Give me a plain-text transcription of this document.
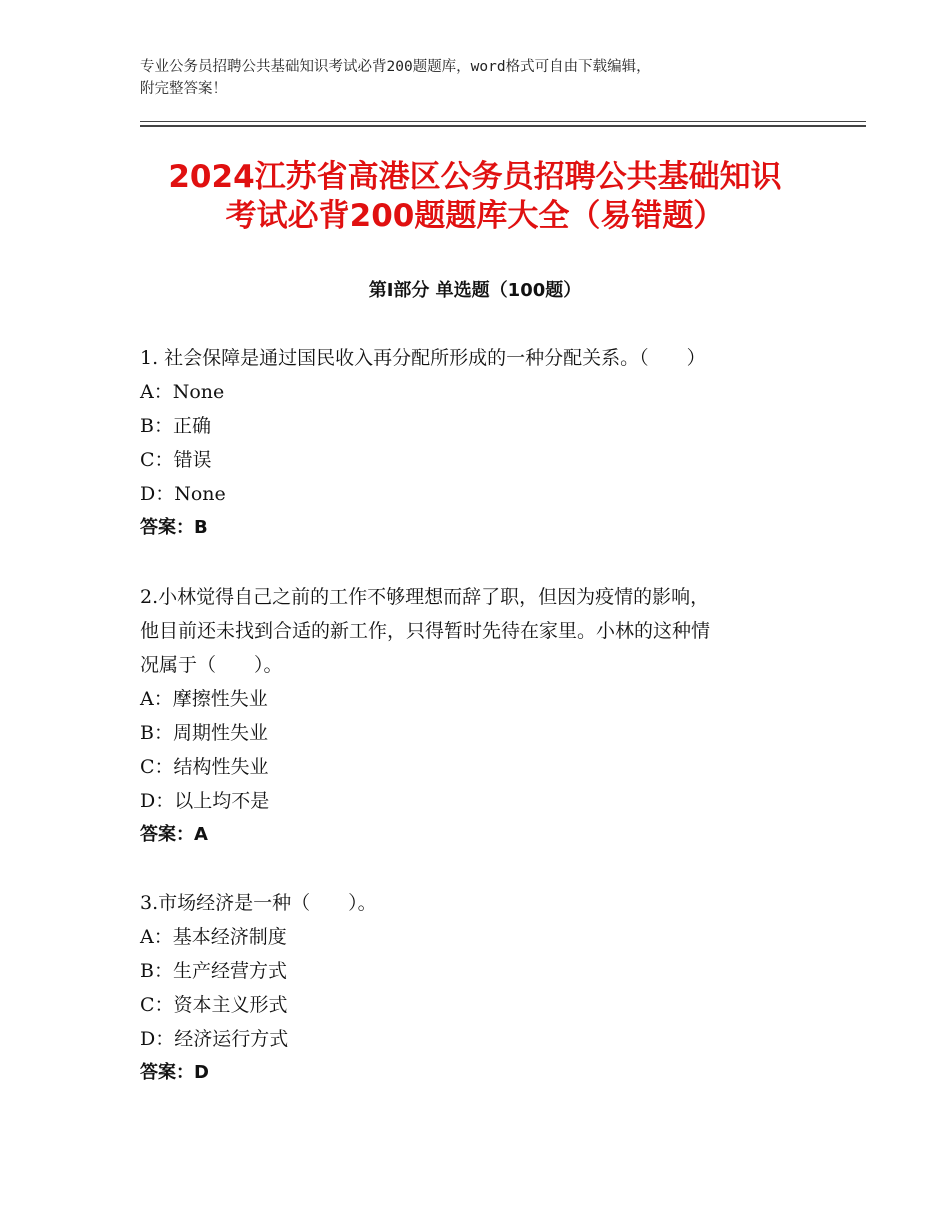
专业公务员招聘公共基础知识考试必背200题题库，word格式可自由下载编辑，
附完整答案！
2024江苏省高港区公务员招聘公共基础知识
考试必背200题题库大全（易错题）
第Ⅰ部分 单选题（100题）
1. 社会保障是通过国民收入再分配所形成的一种分配关系。（　　）
A：None
B：正确
C：错误
D：None
答案：B
2.小林觉得自己之前的工作不够理想而辞了职，但因为疫情的影响，
他目前还未找到合适的新工作，只得暂时先待在家里。小林的这种情
况属于（　　）。
A：摩擦性失业
B：周期性失业
C：结构性失业
D：以上均不是
答案：A
3.市场经济是一种（　　）。
A：基本经济制度
B：生产经营方式
C：资本主义形式
D：经济运行方式
答案：D
